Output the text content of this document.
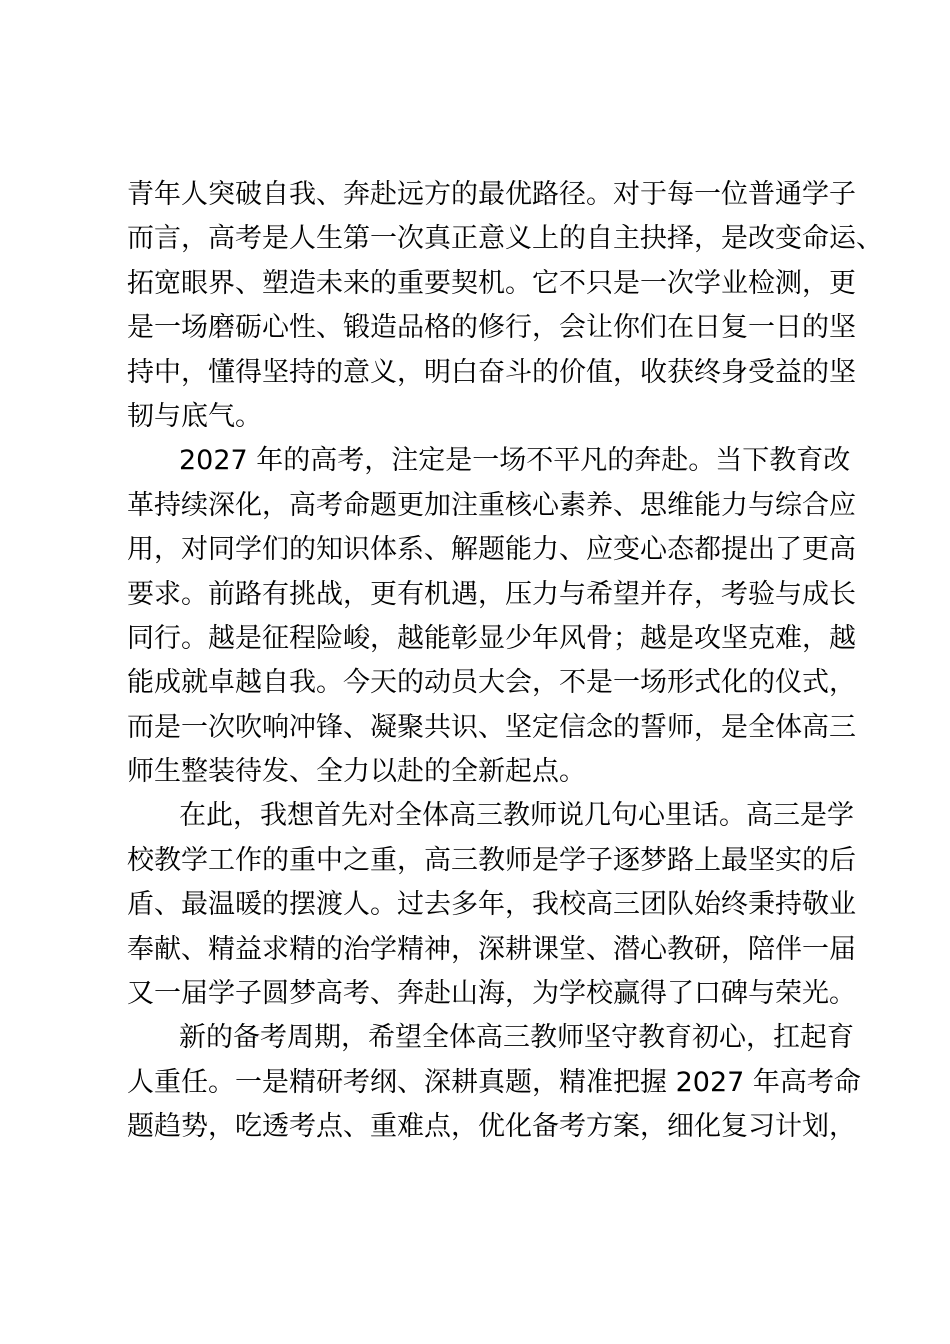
青年人突破自我、奔赴远方的最优路径。对于每一位普通学子
而言，高考是人生第一次真正意义上的自主抉择，是改变命运、
拓宽眼界、塑造未来的重要契机。它不只是一次学业检测，更
是一场磨砺心性、锻造品格的修行，会让你们在日复一日的坚
持中，懂得坚持的意义，明白奋斗的价值，收获终身受益的坚
韧与底气。
2027 年的高考，注定是一场不平凡的奔赴。当下教育改
革持续深化，高考命题更加注重核心素养、思维能力与综合应
用，对同学们的知识体系、解题能力、应变心态都提出了更高
要求。前路有挑战，更有机遇，压力与希望并存，考验与成长
同行。越是征程险峻，越能彰显少年风骨；越是攻坚克难，越
能成就卓越自我。今天的动员大会，不是一场形式化的仪式，
而是一次吹响冲锋、凝聚共识、坚定信念的誓师，是全体高三
师生整装待发、全力以赴的全新起点。
在此，我想首先对全体高三教师说几句心里话。高三是学
校教学工作的重中之重，高三教师是学子逐梦路上最坚实的后
盾、最温暖的摆渡人。过去多年，我校高三团队始终秉持敬业
奉献、精益求精的治学精神，深耕课堂、潜心教研，陪伴一届
又一届学子圆梦高考、奔赴山海，为学校赢得了口碑与荣光。
新的备考周期，希望全体高三教师坚守教育初心，扛起育
人重任。一是精研考纲、深耕真题，精准把握 2027 年高考命
题趋势，吃透考点、重难点，优化备考方案，细化复习计划，
